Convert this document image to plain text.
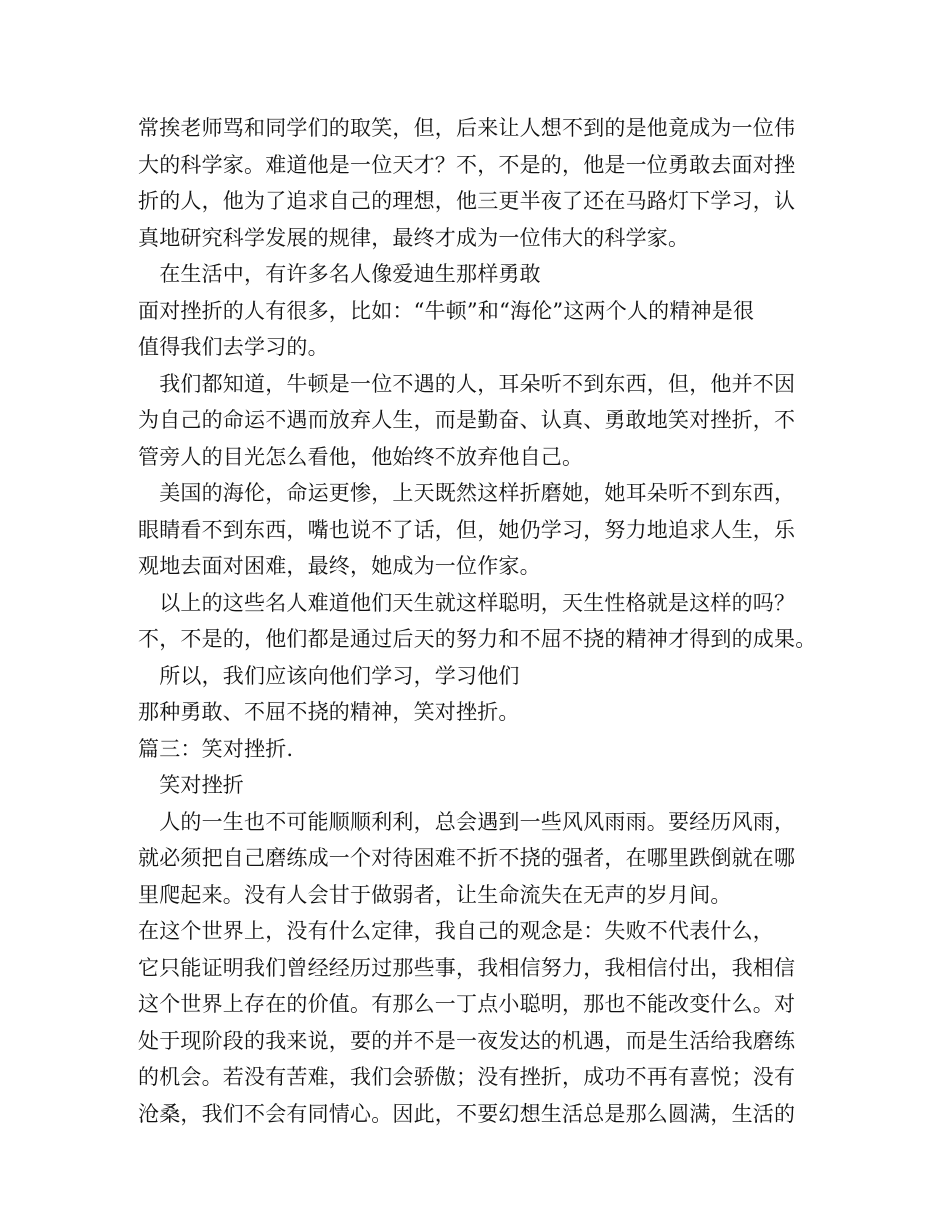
常挨老师骂和同学们的取笑，但，后来让人想不到的是他竟成为一位伟
大的科学家。难道他是一位天才？不，不是的，他是一位勇敢去面对挫
折的人，他为了追求自己的理想，他三更半夜了还在马路灯下学习，认
真地研究科学发展的规律，最终才成为一位伟大的科学家。
　在生活中，有许多名人像爱迪生那样勇敢
面对挫折的人有很多，比如：“牛顿”和“海伦”这两个人的精神是很
值得我们去学习的。
　我们都知道，牛顿是一位不遇的人，耳朵听不到东西，但，他并不因
为自己的命运不遇而放弃人生，而是勤奋、认真、勇敢地笑对挫折，不
管旁人的目光怎么看他，他始终不放弃他自己。
　美国的海伦，命运更惨，上天既然这样折磨她，她耳朵听不到东西，
眼睛看不到东西，嘴也说不了话，但，她仍学习，努力地追求人生，乐
观地去面对困难，最终，她成为一位作家。
　以上的这些名人难道他们天生就这样聪明，天生性格就是这样的吗？
不，不是的，他们都是通过后天的努力和不屈不挠的精神才得到的成果。
　所以，我们应该向他们学习，学习他们
那种勇敢、不屈不挠的精神，笑对挫折。
篇三：笑对挫折.
　笑对挫折
　人的一生也不可能顺顺利利，总会遇到一些风风雨雨。要经历风雨，
就必须把自己磨练成一个对待困难不折不挠的强者，在哪里跌倒就在哪
里爬起来。没有人会甘于做弱者，让生命流失在无声的岁月间。
在这个世界上，没有什么定律，我自己的观念是：失败不代表什么，
它只能证明我们曾经经历过那些事，我相信努力，我相信付出，我相信
这个世界上存在的价值。有那么一丁点小聪明，那也不能改变什么。对
处于现阶段的我来说，要的并不是一夜发达的机遇，而是生活给我磨练
的机会。若没有苦难，我们会骄傲；没有挫折，成功不再有喜悦；没有
沧桑，我们不会有同情心。因此，不要幻想生活总是那么圆满，生活的
